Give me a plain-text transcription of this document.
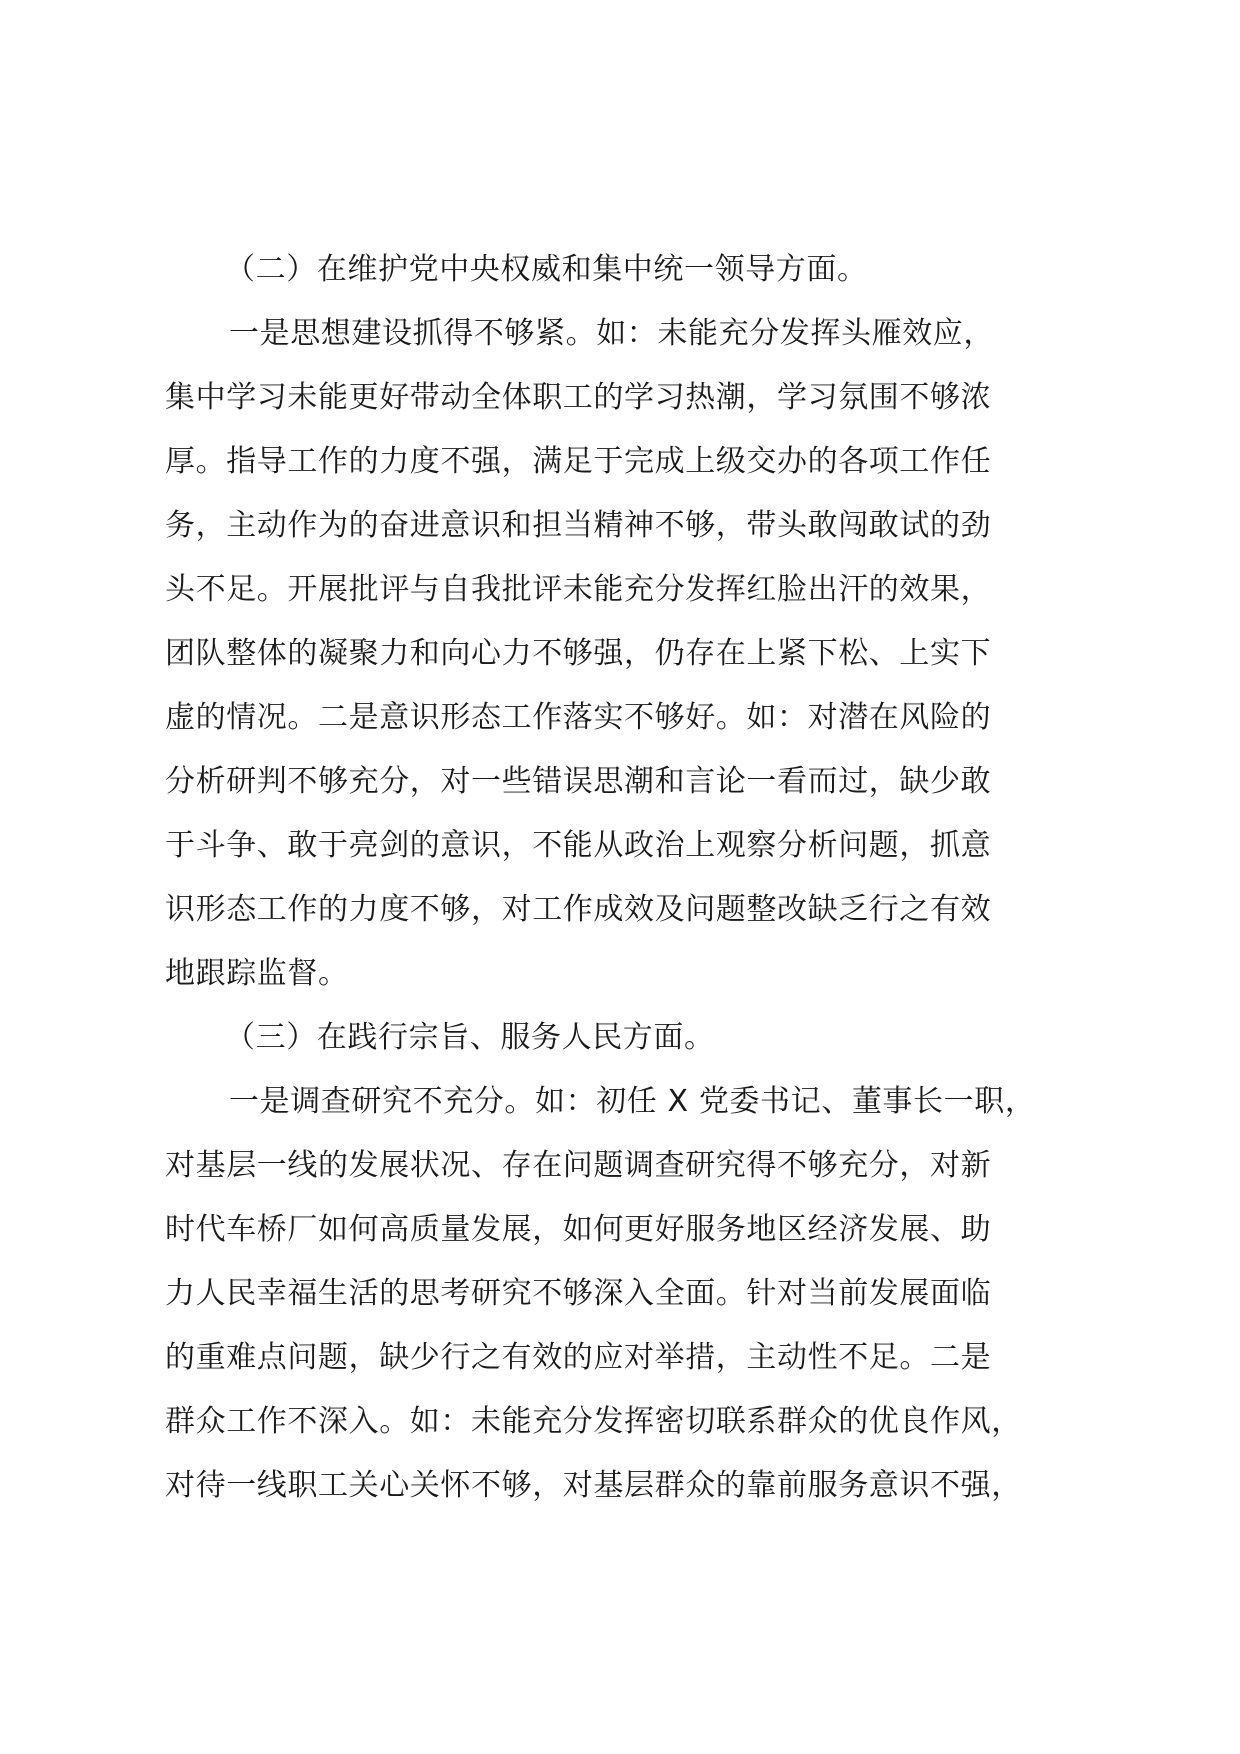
（二）在维护党中央权威和集中统一领导方面。
一是思想建设抓得不够紧。如：未能充分发挥头雁效应，
集中学习未能更好带动全体职工的学习热潮，学习氛围不够浓
厚。指导工作的力度不强，满足于完成上级交办的各项工作任
务，主动作为的奋进意识和担当精神不够，带头敢闯敢试的劲
头不足。开展批评与自我批评未能充分发挥红脸出汗的效果，
团队整体的凝聚力和向心力不够强，仍存在上紧下松、上实下
虚的情况。二是意识形态工作落实不够好。如：对潜在风险的
分析研判不够充分，对一些错误思潮和言论一看而过，缺少敢
于斗争、敢于亮剑的意识，不能从政治上观察分析问题，抓意
识形态工作的力度不够，对工作成效及问题整改缺乏行之有效
地跟踪监督。
（三）在践行宗旨、服务人民方面。
一是调查研究不充分。如：初任 X 党委书记、董事长一职，
对基层一线的发展状况、存在问题调查研究得不够充分，对新
时代车桥厂如何高质量发展，如何更好服务地区经济发展、助
力人民幸福生活的思考研究不够深入全面。针对当前发展面临
的重难点问题，缺少行之有效的应对举措，主动性不足。二是
群众工作不深入。如：未能充分发挥密切联系群众的优良作风，
对待一线职工关心关怀不够，对基层群众的靠前服务意识不强，
